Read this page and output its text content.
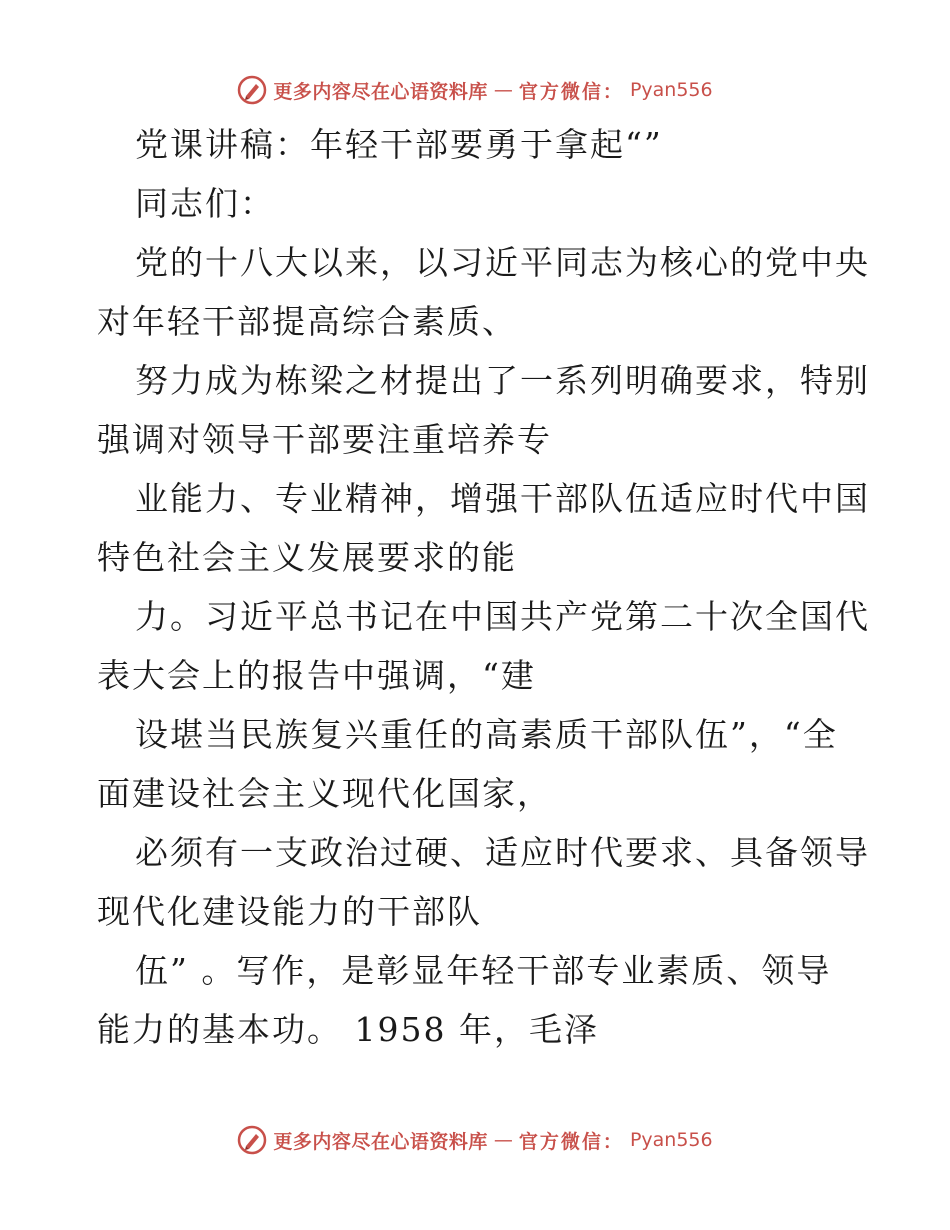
更多内容尽在心语资料库 — 官方微信： Pyan556
党课讲稿：年轻干部要勇于拿起“”
同志们：
党的十八大以来，以习近平同志为核心的党中央
对年轻干部提高综合素质、
努力成为栋梁之材提出了一系列明确要求，特别
强调对领导干部要注重培养专
业能力、专业精神，增强干部队伍适应时代中国
特色社会主义发展要求的能
力。习近平总书记在中国共产党第二十次全国代
表大会上的报告中强调，“建
设堪当民族复兴重任的高素质干部队伍”，“全
面建设社会主义现代化国家，
必须有一支政治过硬、适应时代要求、具备领导
现代化建设能力的干部队
伍” 。写作，是彰显年轻干部专业素质、领导
能力的基本功。 1958 年，毛泽
更多内容尽在心语资料库 — 官方微信： Pyan556
